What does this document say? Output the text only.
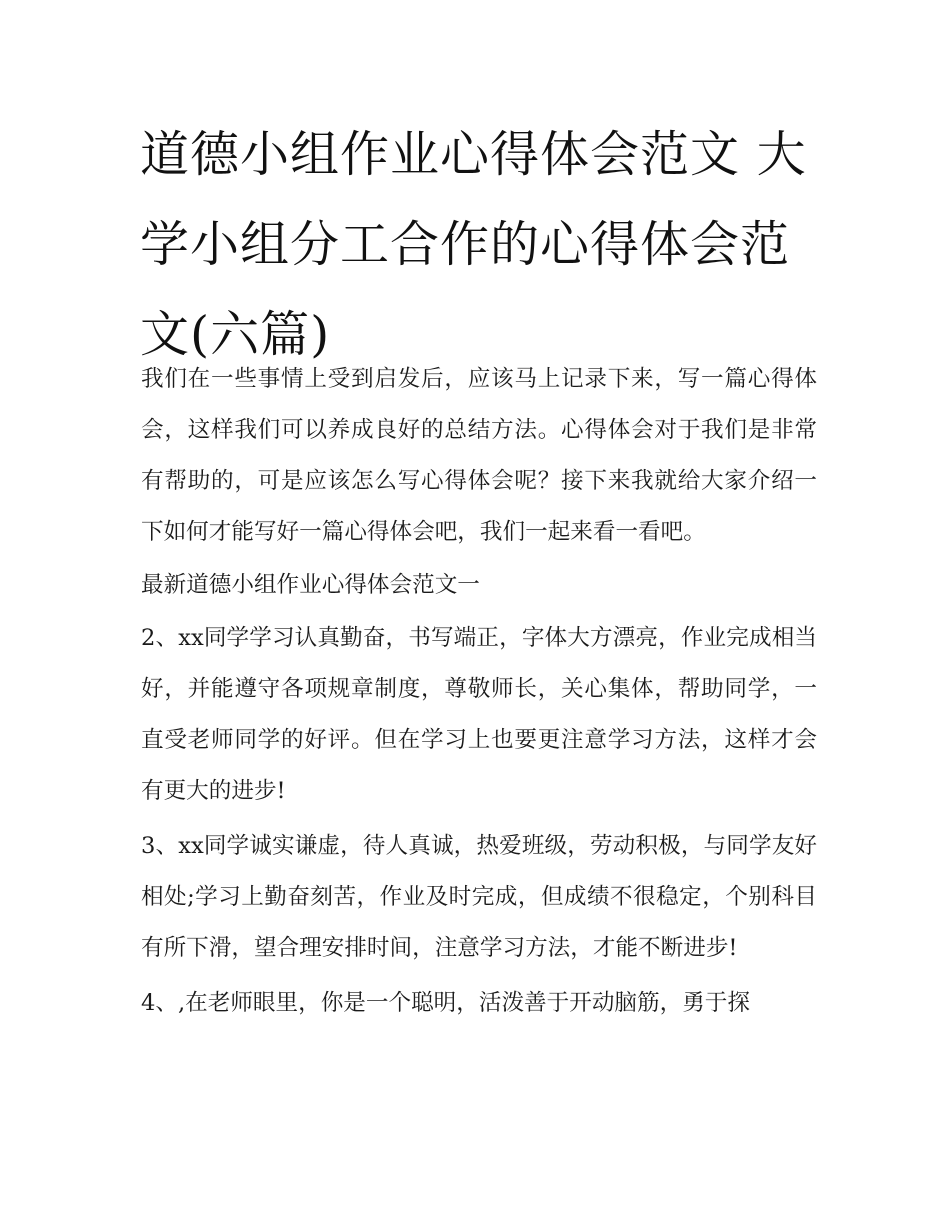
道德小组作业心得体会范文 大学小组分工合作的心得体会范文(六篇)

我们在一些事情上受到启发后，应该马上记录下来，写一篇心得体会，这样我们可以养成良好的总结方法。心得体会对于我们是非常有帮助的，可是应该怎么写心得体会呢？接下来我就给大家介绍一下如何才能写好一篇心得体会吧，我们一起来看一看吧。

最新道德小组作业心得体会范文一

2、xx同学学习认真勤奋，书写端正，字体大方漂亮，作业完成相当好，并能遵守各项规章制度，尊敬师长，关心集体，帮助同学，一直受老师同学的好评。但在学习上也要更注意学习方法，这样才会有更大的进步!

3、xx同学诚实谦虚，待人真诚，热爱班级，劳动积极，与同学友好相处;学习上勤奋刻苦，作业及时完成，但成绩不很稳定，个别科目有所下滑，望合理安排时间，注意学习方法，才能不断进步!

4、,在老师眼里，你是一个聪明，活泼善于开动脑筋，勇于探
